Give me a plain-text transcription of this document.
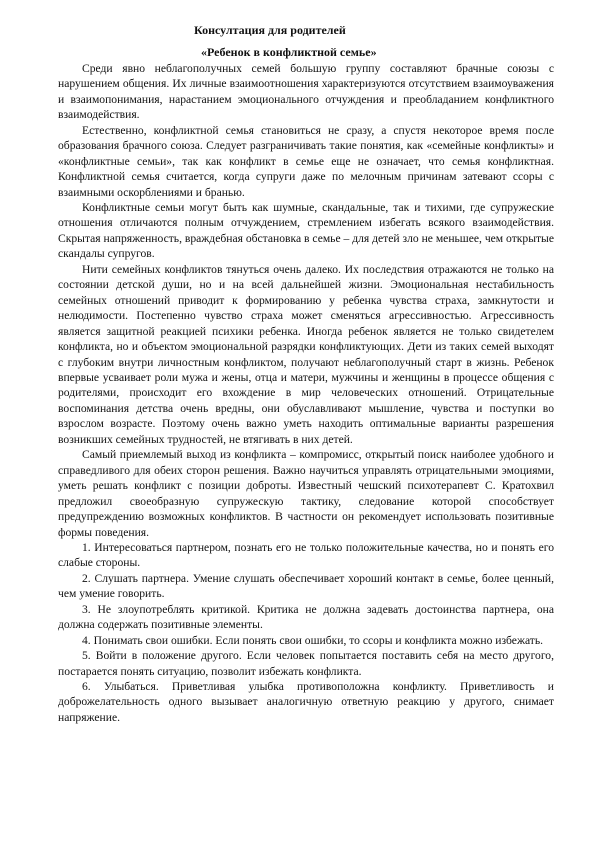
Консултация для родителей

«Ребенок в конфликтной семье»

Среди явно неблагополучных семей большую группу составляют брачные союзы с нарушением общения. Их личные взаимоотношения характеризуются отсутствием взаимоуважения и взаимопонимания, нарастанием эмоционального отчуждения и преобладанием конфликтного взаимодействия.

Естественно, конфликтной семья становиться не сразу, а спустя некоторое время после образования брачного союза. Следует разграничивать такие понятия, как «семейные конфликты» и «конфликтные семьи», так как конфликт в семье еще не означает, что семья конфликтная. Конфликтной семья считается, когда супруги даже по мелочным причинам затевают ссоры с взаимными оскорблениями и бранью.

Конфликтные семьи могут быть как шумные, скандальные, так и тихими, где супружеские отношения отличаются полным отчуждением, стремлением избегать всякого взаимодействия. Скрытая напряженность, враждебная обстановка в семье – для детей зло не меньшее, чем открытые скандалы супругов.

Нити семейных конфликтов тянуться очень далеко. Их последствия отражаются не только на состоянии детской души, но и на всей дальнейшей жизни. Эмоциональная нестабильность семейных отношений приводит к формированию у ребенка чувства страха, замкнутости и нелюдимости. Постепенно чувство страха может сменяться агрессивностью. Агрессивность является защитной реакцией психики ребенка. Иногда ребенок является не только свидетелем конфликта, но и объектом эмоциональной разрядки конфликтующих. Дети из таких семей выходят с глубоким внутри личностным конфликтом, получают неблагополучный старт в жизнь. Ребенок впервые усваивает роли мужа и жены, отца и матери, мужчины и женщины в процессе общения с родителями, происходит его вхождение в мир человеческих отношений. Отрицательные воспоминания детства очень вредны, они обуславливают мышление, чувства и поступки во взрослом возрасте. Поэтому очень важно уметь находить оптимальные варианты разрешения возникших семейных трудностей, не втягивать в них детей.

Самый приемлемый выход из конфликта – компромисс, открытый поиск наиболее удобного и справедливого для обеих сторон решения. Важно научиться управлять отрицательными эмоциями, уметь решать конфликт с позиции доброты. Известный чешский психотерапевт С. Кратохвил предложил своеобразную супружескую тактику, следование которой способствует предупреждению возможных конфликтов. В частности он рекомендует использовать позитивные формы поведения.

1. Интересоваться партнером, познать его не только положительные качества, но и понять его слабые стороны.

2. Слушать партнера. Умение слушать обеспечивает хороший контакт в семье, более ценный, чем умение говорить.

3. Не злоупотреблять критикой. Критика не должна задевать достоинства партнера, она должна содержать позитивные элементы.

4. Понимать свои ошибки. Если понять свои ошибки, то ссоры и конфликта можно избежать.

5. Войти в положение другого. Если человек попытается поставить себя на место другого, постарается понять ситуацию, позволит избежать конфликта.

6. Улыбаться. Приветливая улыбка противоположна конфликту. Приветливость и доброжелательность одного вызывает аналогичную ответную реакцию у другого, снимает напряжение.
